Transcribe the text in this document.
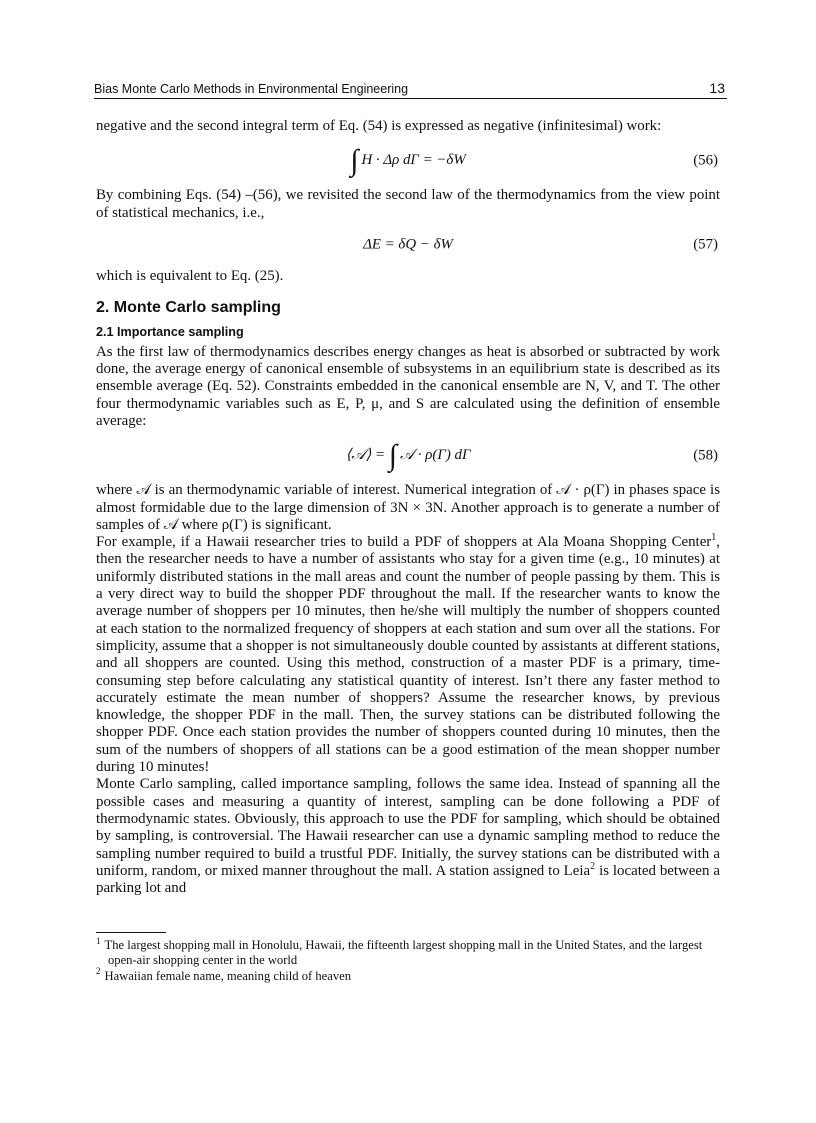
Bias Monte Carlo Methods in Environmental Engineering	13

negative and the second integral term of Eq. (54) is expressed as negative (infinitesimal) work:

∫ H · Δρ dΓ = −δW	(56)

By combining Eqs. (54) –(56), we revisited the second law of the thermodynamics from the view point of statistical mechanics, i.e.,

ΔE = δQ − δW	(57)

which is equivalent to Eq. (25).

2. Monte Carlo sampling
2.1 Importance sampling

As the first law of thermodynamics describes energy changes as heat is absorbed or subtracted by work done, the average energy of canonical ensemble of subsystems in an equilibrium state is described as its ensemble average (Eq. 52). Constraints embedded in the canonical ensemble are N, V, and T. The other four thermodynamic variables such as E, P, μ, and S are calculated using the definition of ensemble average:

⟨𝒜⟩ = ∫ 𝒜 · ρ(Γ) dΓ	(58)

where 𝒜 is an thermodynamic variable of interest. Numerical integration of 𝒜 · ρ(Γ) in phases space is almost formidable due to the large dimension of 3N × 3N. Another approach is to generate a number of samples of 𝒜 where ρ(Γ) is significant.

For example, if a Hawaii researcher tries to build a PDF of shoppers at Ala Moana Shopping Center$^1$, then the researcher needs to have a number of assistants who stay for a given time (e.g., 10 minutes) at uniformly distributed stations in the mall areas and count the number of people passing by them. This is a very direct way to build the shopper PDF throughout the mall. If the researcher wants to know the average number of shoppers per 10 minutes, then he/she will multiply the number of shoppers counted at each station to the normalized frequency of shoppers at each station and sum over all the stations. For simplicity, assume that a shopper is not simultaneously double counted by assistants at different stations, and all shoppers are counted. Using this method, construction of a master PDF is a primary, time-consuming step before calculating any statistical quantity of interest. Isn’t there any faster method to accurately estimate the mean number of shoppers? Assume the researcher knows, by previous knowledge, the shopper PDF in the mall. Then, the survey stations can be distributed following the shopper PDF. Once each station provides the number of shoppers counted during 10 minutes, then the sum of the numbers of shoppers of all stations can be a good estimation of the mean shopper number during 10 minutes!

Monte Carlo sampling, called importance sampling, follows the same idea. Instead of spanning all the possible cases and measuring a quantity of interest, sampling can be done following a PDF of thermodynamic states. Obviously, this approach to use the PDF for sampling, which should be obtained by sampling, is controversial. The Hawaii researcher can use a dynamic sampling method to reduce the sampling number required to build a trustful PDF. Initially, the survey stations can be distributed with a uniform, random, or mixed manner throughout the mall. A station assigned to Leia$^2$ is located between a parking lot and

$^1$ The largest shopping mall in Honolulu, Hawaii, the fifteenth largest shopping mall in the United States, and the largest open-air shopping center in the world

$^2$ Hawaiian female name, meaning child of heaven
